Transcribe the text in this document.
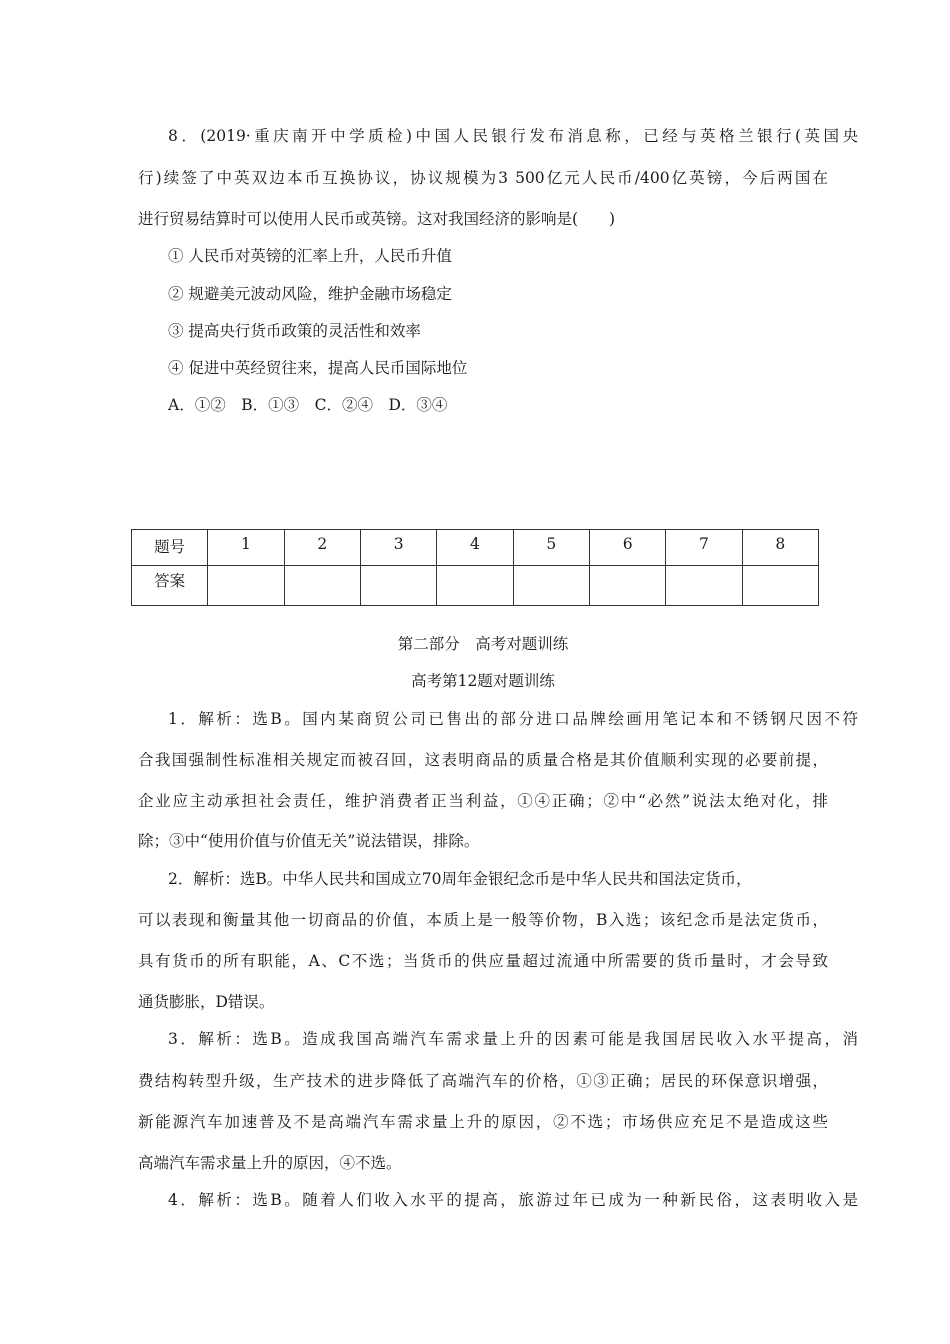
8．(2019·重庆南开中学质检)中国人民银行发布消息称，已经与英格兰银行(英国央
行)续签了中英双边本币互换协议，协议规模为3 500亿元人民币/400亿英镑，今后两国在
进行贸易结算时可以使用人民币或英镑。这对我国经济的影响是(　　)
① 人民币对英镑的汇率上升，人民币升值
② 规避美元波动风险，维护金融市场稳定
③ 提高央行货币政策的灵活性和效率
④ 促进中英经贸往来，提高人民币国际地位
A．①②　B．①③　C．②④　D．③④
题号	1	2	3	4	5	6	7	8
答案								
第二部分　高考对题训练
高考第12题对题训练
1．解析：选B。国内某商贸公司已售出的部分进口品牌绘画用笔记本和不锈钢尺因不符
合我国强制性标准相关规定而被召回，这表明商品的质量合格是其价值顺利实现的必要前提，
企业应主动承担社会责任，维护消费者正当利益，①④正确；②中“必然”说法太绝对化，排
除；③中“使用价值与价值无关”说法错误，排除。
2．解析：选B。中华人民共和国成立70周年金银纪念币是中华人民共和国法定货币，
可以表现和衡量其他一切商品的价值，本质上是一般等价物，B入选；该纪念币是法定货币，
具有货币的所有职能，A、C不选；当货币的供应量超过流通中所需要的货币量时，才会导致
通货膨胀，D错误。
3．解析：选B。造成我国高端汽车需求量上升的因素可能是我国居民收入水平提高，消
费结构转型升级，生产技术的进步降低了高端汽车的价格，①③正确；居民的环保意识增强，
新能源汽车加速普及不是高端汽车需求量上升的原因，②不选；市场供应充足不是造成这些
高端汽车需求量上升的原因，④不选。
4．解析：选B。随着人们收入水平的提高，旅游过年已成为一种新民俗，这表明收入是
